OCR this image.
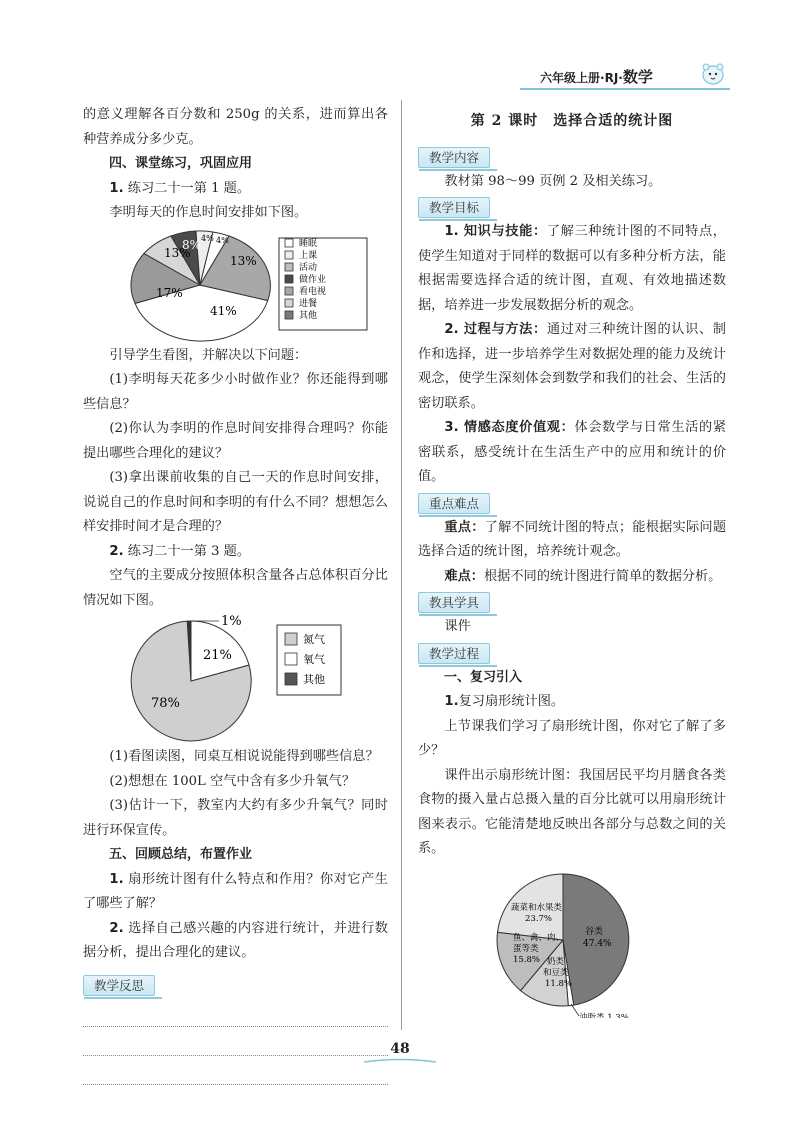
六年级上册·RJ·数学

的意义理解各百分数和 250g 的关系，进而算出各种营养成分多少克。

四、课堂练习，巩固应用

1. 练习二十一第 1 题。

李明每天的作息时间安排如下图。

13%
8% 4% 4%
13%
17%
41%
睡眠
上课
活动
做作业
看电视
进餐
其他

引导学生看图，并解决以下问题：

(1)李明每天花多少小时做作业？你还能得到哪些信息？

(2)你认为李明的作息时间安排得合理吗？你能提出哪些合理化的建议？

(3)拿出课前收集的自己一天的作息时间安排，说说自己的作息时间和李明的有什么不同？想想怎么样安排时间才是合理的？

2. 练习二十一第 3 题。

空气的主要成分按照体积含量各占总体积百分比情况如下图。

1%
21%
78%
氮气
氧气
其他

(1)看图读图，同桌互相说说能得到哪些信息？

(2)想想在 100L 空气中含有多少升氧气？

(3)估计一下，教室内大约有多少升氧气？同时进行环保宣传。

五、回顾总结，布置作业

1. 扇形统计图有什么特点和作用？你对它产生了哪些了解？

2. 选择自己感兴趣的内容进行统计，并进行数据分析，提出合理化的建议。

教学反思

第 2 课时　选择合适的统计图

教学内容

教材第 98～99 页例 2 及相关练习。

教学目标

1. 知识与技能：了解三种统计图的不同特点，使学生知道对于同样的数据可以有多种分析方法，能根据需要选择合适的统计图，直观、有效地描述数据，培养进一步发展数据分析的观念。

2. 过程与方法：通过对三种统计图的认识、制作和选择，进一步培养学生对数据处理的能力及统计观念，使学生深刻体会到数学和我们的社会、生活的密切联系。

3. 情感态度价值观：体会数学与日常生活的紧密联系，感受统计在生活生产中的应用和统计的价值。

重点难点

重点：了解不同统计图的特点；能根据实际问题选择合适的统计图，培养统计观念。

难点：根据不同的统计图进行简单的数据分析。

教具学具

课件

教学过程
一、复习引入

1.复习扇形统计图。

上节课我们学习了扇形统计图，你对它了解了多少？

课件出示扇形统计图：我国居民平均月膳食各类食物的摄入量占总摄入量的百分比就可以用扇形统计图来表示。它能清楚地反映出各部分与总数之间的关系。

谷类
47.4%
蔬菜和水果类
23.7%
鱼、禽、肉、
蛋等类
15.8% 奶类
和豆类
11.8%
油脂类 1.3%
48
